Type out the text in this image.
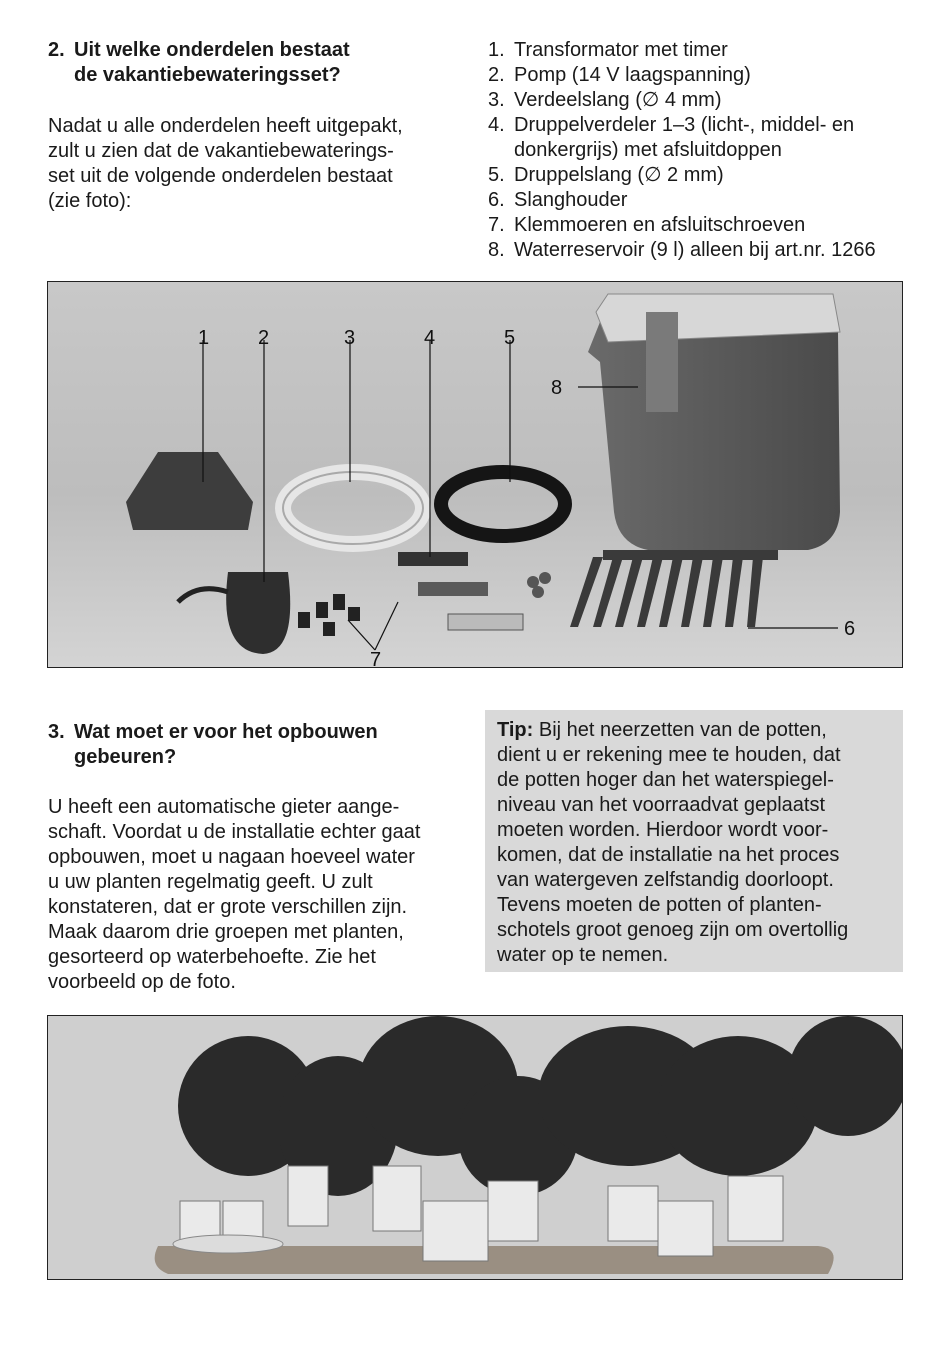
2. Uit welke onderdelen bestaat
de vakantiebewateringsset?
Nadat u alle onderdelen heeft uitgepakt,
zult u zien dat de vakantiebewaterings-
set uit de volgende onderdelen bestaat
(zie foto):
1. Transformator met timer
2. Pomp (14 V laagspanning)
3. Verdeelslang (∅ 4 mm)
4. Druppelverdeler 1–3 (licht-, middel- en
donkergrijs) met afsluitdoppen
5. Druppelslang (∅ 2 mm)
6. Slanghouder
7. Klemmoeren en afsluitschroeven
8. Waterreservoir (9 l) alleen bij art.nr. 1266
1 2	3	4	5
6
7
8
3. Wat moet er voor het opbouwen
gebeuren?
U heeft een automatische gieter aange-
schaft. Voordat u de installatie echter gaat
opbouwen, moet u nagaan hoeveel water
u uw planten regelmatig geeft. U zult
konstateren, dat er grote verschillen zijn.
Maak daarom drie groepen met planten,
gesorteerd op waterbehoefte. Zie het
voorbeeld op de foto.
Tip: Bij het neerzetten van de potten,
dient u er rekening mee te houden, dat
de potten hoger dan het waterspiegel-
niveau van het voorraadvat geplaatst
moeten worden. Hierdoor wordt voor-
komen, dat de installatie na het proces
van watergeven zelfstandig doorloopt.
Tevens moeten de potten of planten-
schotels groot genoeg zijn om overtollig
water op te nemen.
